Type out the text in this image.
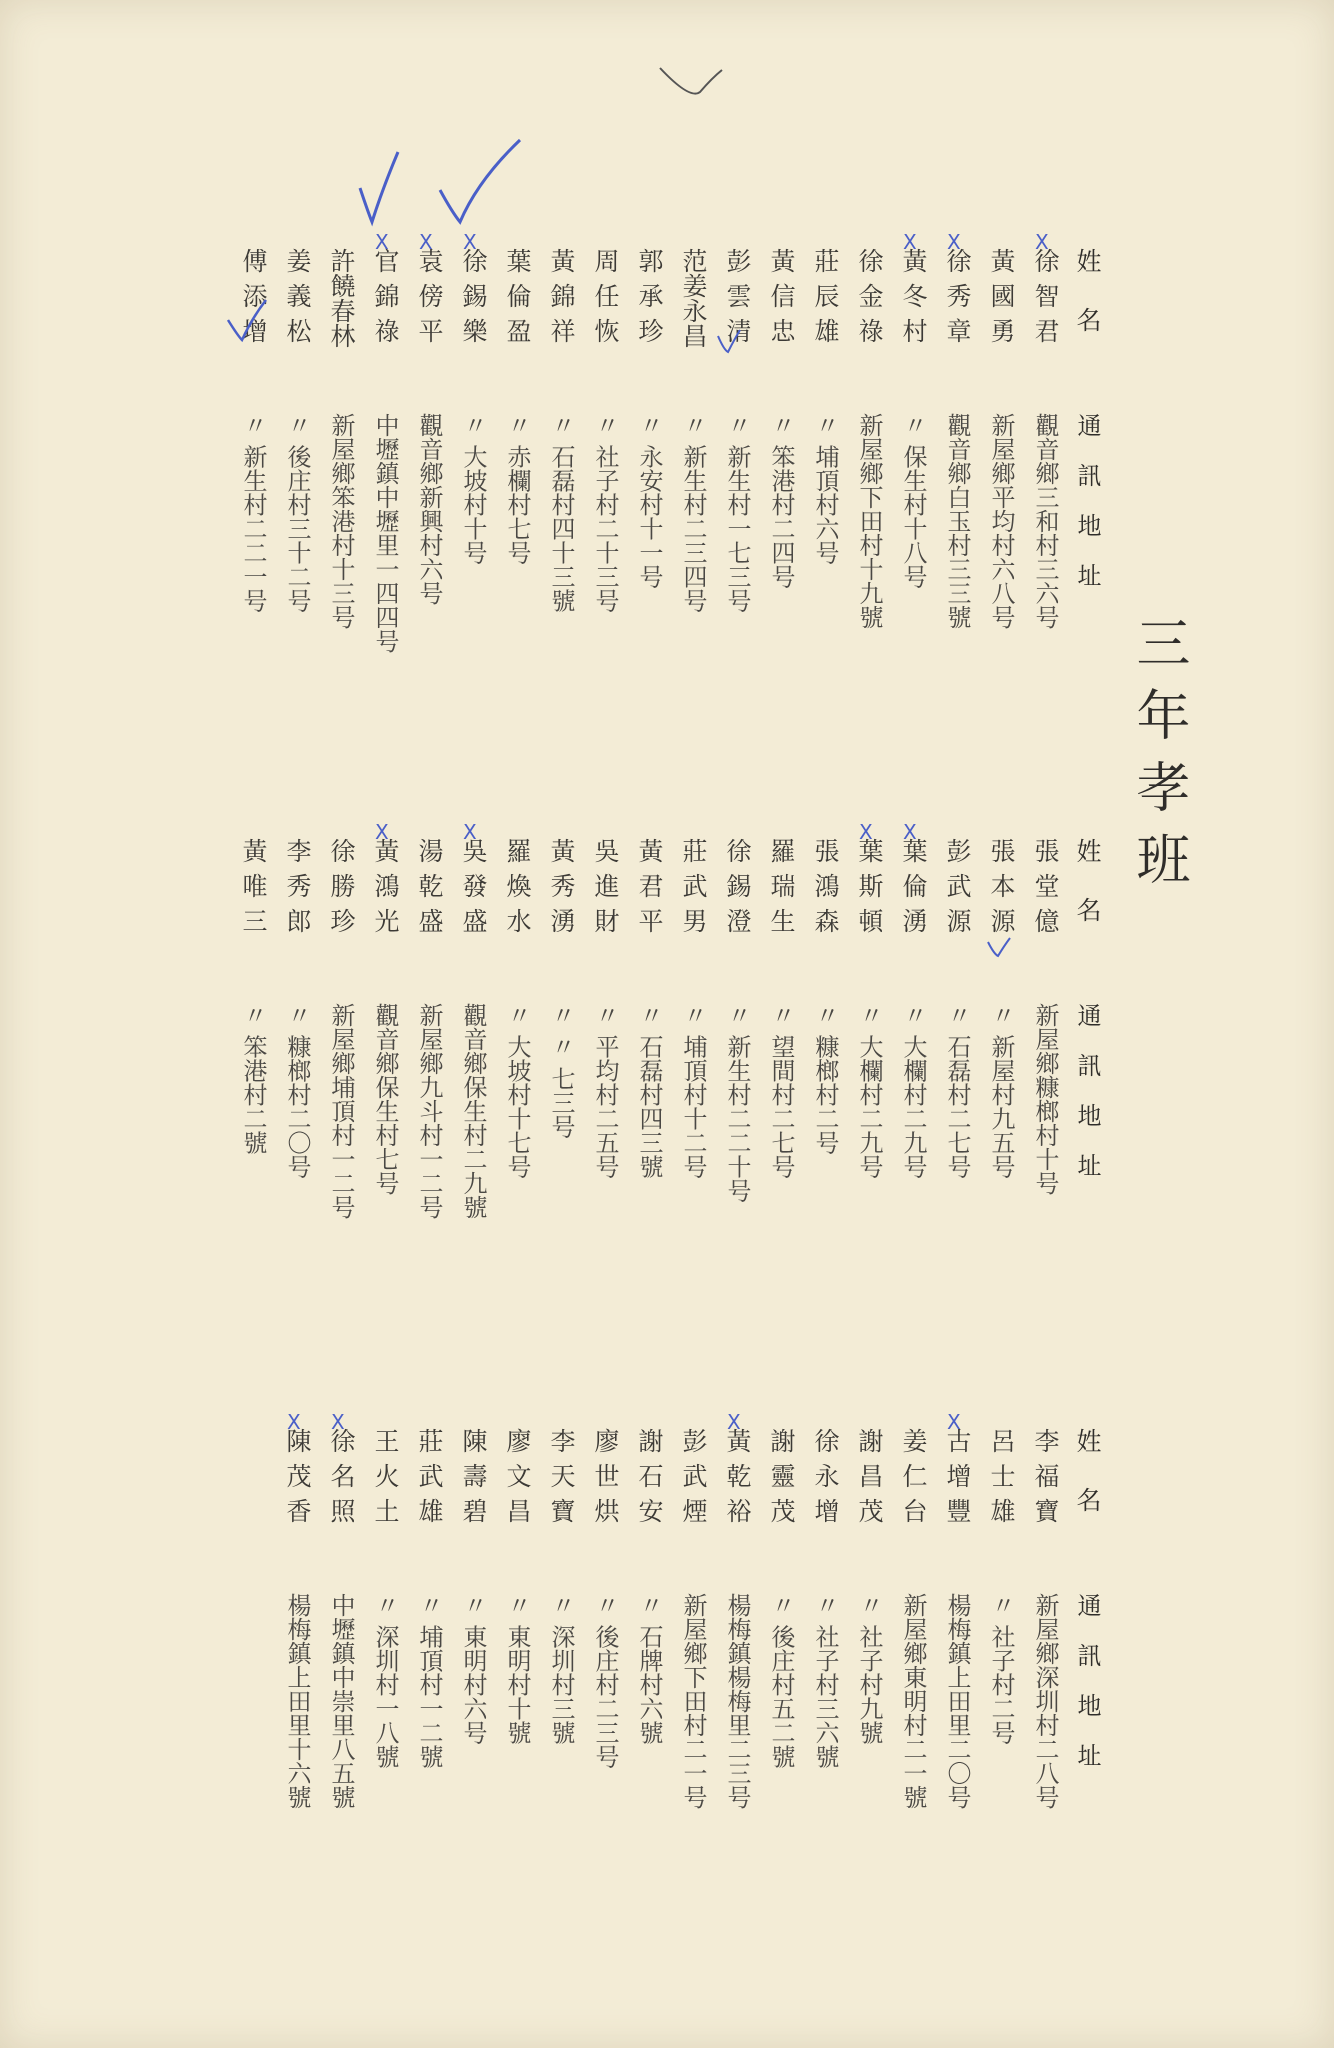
三年孝班
姓名通訊地址
徐智君觀音鄉三和村三六号
X
黃國勇新屋鄉平均村六八号
徐秀章觀音鄉白玉村三三號
X
黃冬村〃 保生村十八号
X
徐金祿新屋鄉下田村十九號
莊辰雄〃 埔頂村六号
黃信忠〃 笨港村二四号
彭雲清〃 新生村一七三号
范姜永昌〃 新生村二三四号
郭承珍〃 永安村十一号
周任恢〃 社子村二十三号
黃錦祥〃 石磊村四十三號
葉倫盈〃 赤欄村七号
徐錫樂〃 大坡村十号
X
袁傍平觀音鄉新興村六号
X
官錦祿中壢鎮中壢里一四四号
X
許饒春林新屋鄉笨港村十三号
姜義松〃 後庄村三十二号
傅添增〃 新生村二二一号
姓名通訊地址
張堂億新屋鄉糠榔村十号
張本源〃 新屋村九五号
彭武源〃 石磊村二七号
葉倫湧〃 大欄村二九号
X
葉斯頓〃 大欄村二九号
X
張鴻森〃 糠榔村二号
羅瑞生〃 望間村二七号
徐錫澄〃 新生村二二十号
莊武男〃 埔頂村十二号
黃君平〃 石磊村四三號
吳進財〃 平均村二五号
黃秀湧〃 〃 七三号
羅煥水〃 大坡村十七号
吳發盛觀音鄉保生村二九號
X
湯乾盛新屋鄉九斗村一二号
黃鴻光觀音鄉保生村七号
X
徐勝珍新屋鄉埔頂村一二号
李秀郎〃 糠榔村二〇号
黃唯三〃 笨港村二號
姓名通訊地址
李福寶新屋鄉深圳村二八号
呂士雄〃 社子村二号
古增豐楊梅鎮上田里二〇号
X
姜仁台新屋鄉東明村二一號
謝昌茂〃 社子村九號
徐永增〃 社子村三六號
謝靈茂〃 後庄村五二號
黃乾裕楊梅鎮楊梅里二三号
X
彭武煙新屋鄉下田村二一号
謝石安〃 石牌村六號
廖世烘〃 後庄村二三号
李天寶〃 深圳村三號
廖文昌〃 東明村十號
陳壽碧〃 東明村六号
莊武雄〃 埔頂村一二號
王火土〃 深圳村一八號
徐名照中壢鎮中崇里八五號
X
陳茂香楊梅鎮上田里十六號
X
